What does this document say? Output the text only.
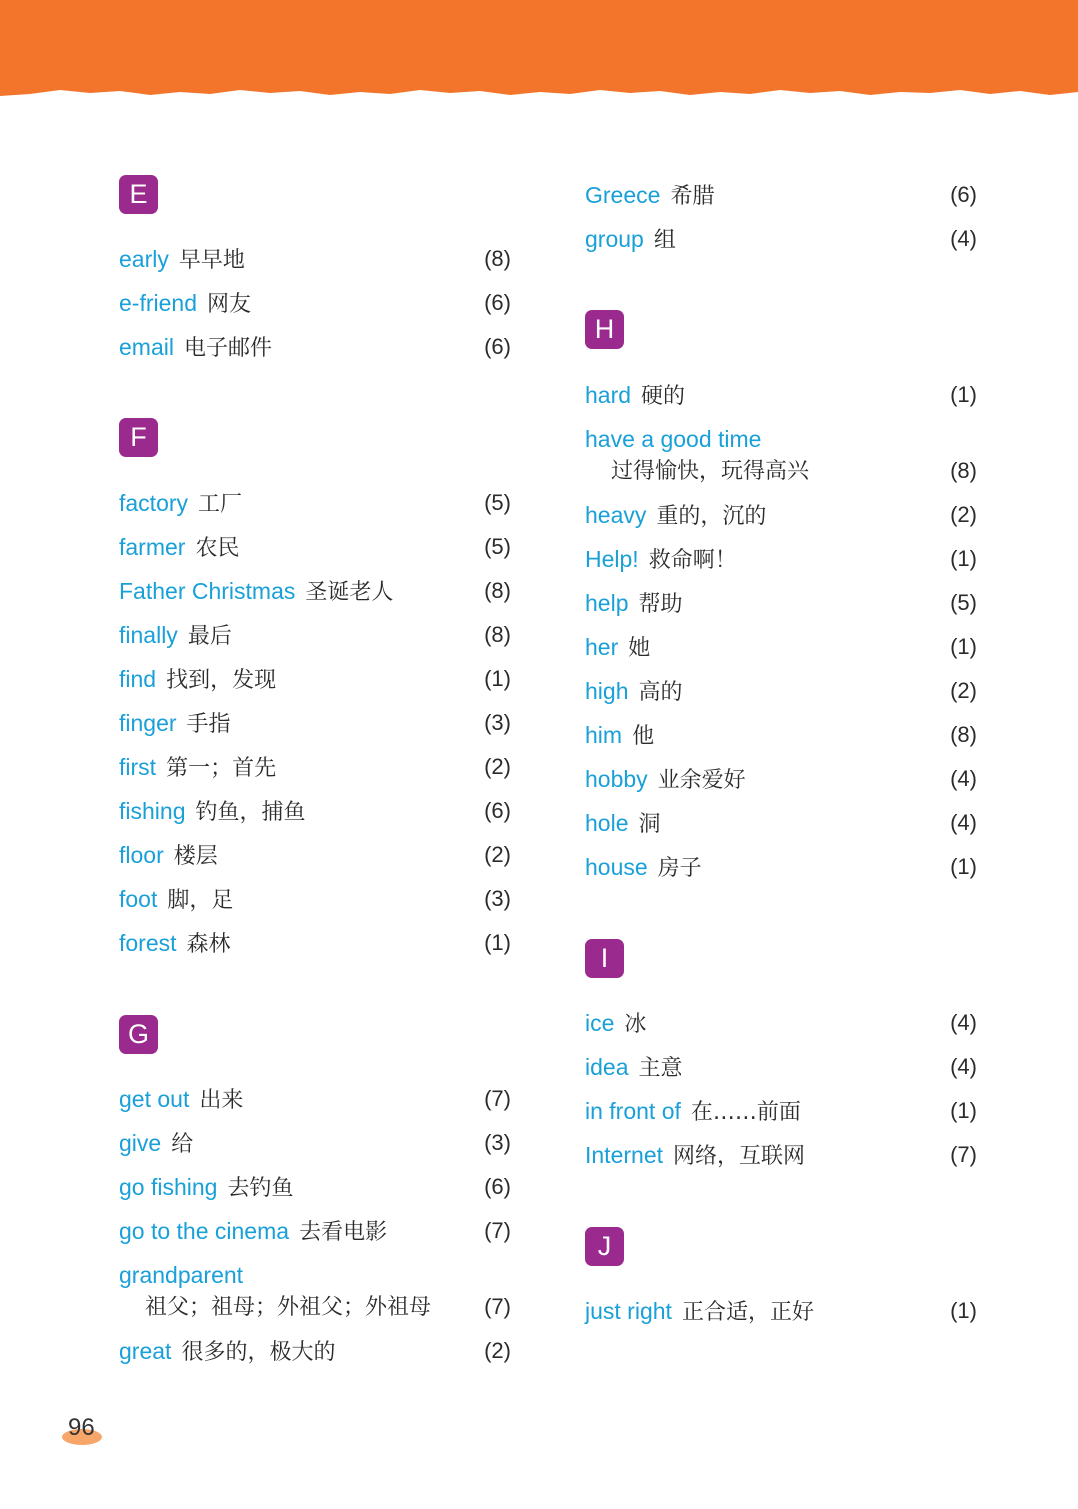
E
early 早早地	(8)
e-friend 网友	(6)
email 电子邮件	(6)
F
factory 工厂	(5)
farmer 农民	(5)
Father Christmas 圣诞老人	(8)
finally 最后	(8)
find 找到，发现	(1)
finger 手指	(3)
first 第一；首先	(2)
fishing 钓鱼，捕鱼	(6)
floor 楼层	(2)
foot 脚，足	(3)
forest 森林	(1)
G
get out 出来	(7)
give 给	(3)
go fishing 去钓鱼	(6)
go to the cinema 去看电影	(7)
grandparent
祖父；祖母；外祖父；外祖母 (7)
great 很多的，极大的	(2)
Greece 希腊	(6)
group 组	(4)
H
hard 硬的	(1)
have a good time
过得愉快，玩得高兴	(8)
heavy 重的，沉的	(2)
Help! 救命啊！	(1)
help 帮助	(5)
her 她	(1)
high 高的	(2)
him 他	(8)
hobby 业余爱好	(4)
hole 洞	(4)
house 房子	(1)
I
ice 冰	(4)
idea 主意	(4)
in front of 在……前面	(1)
Internet 网络，互联网	(7)
J
just right 正合适，正好	(1)
96
